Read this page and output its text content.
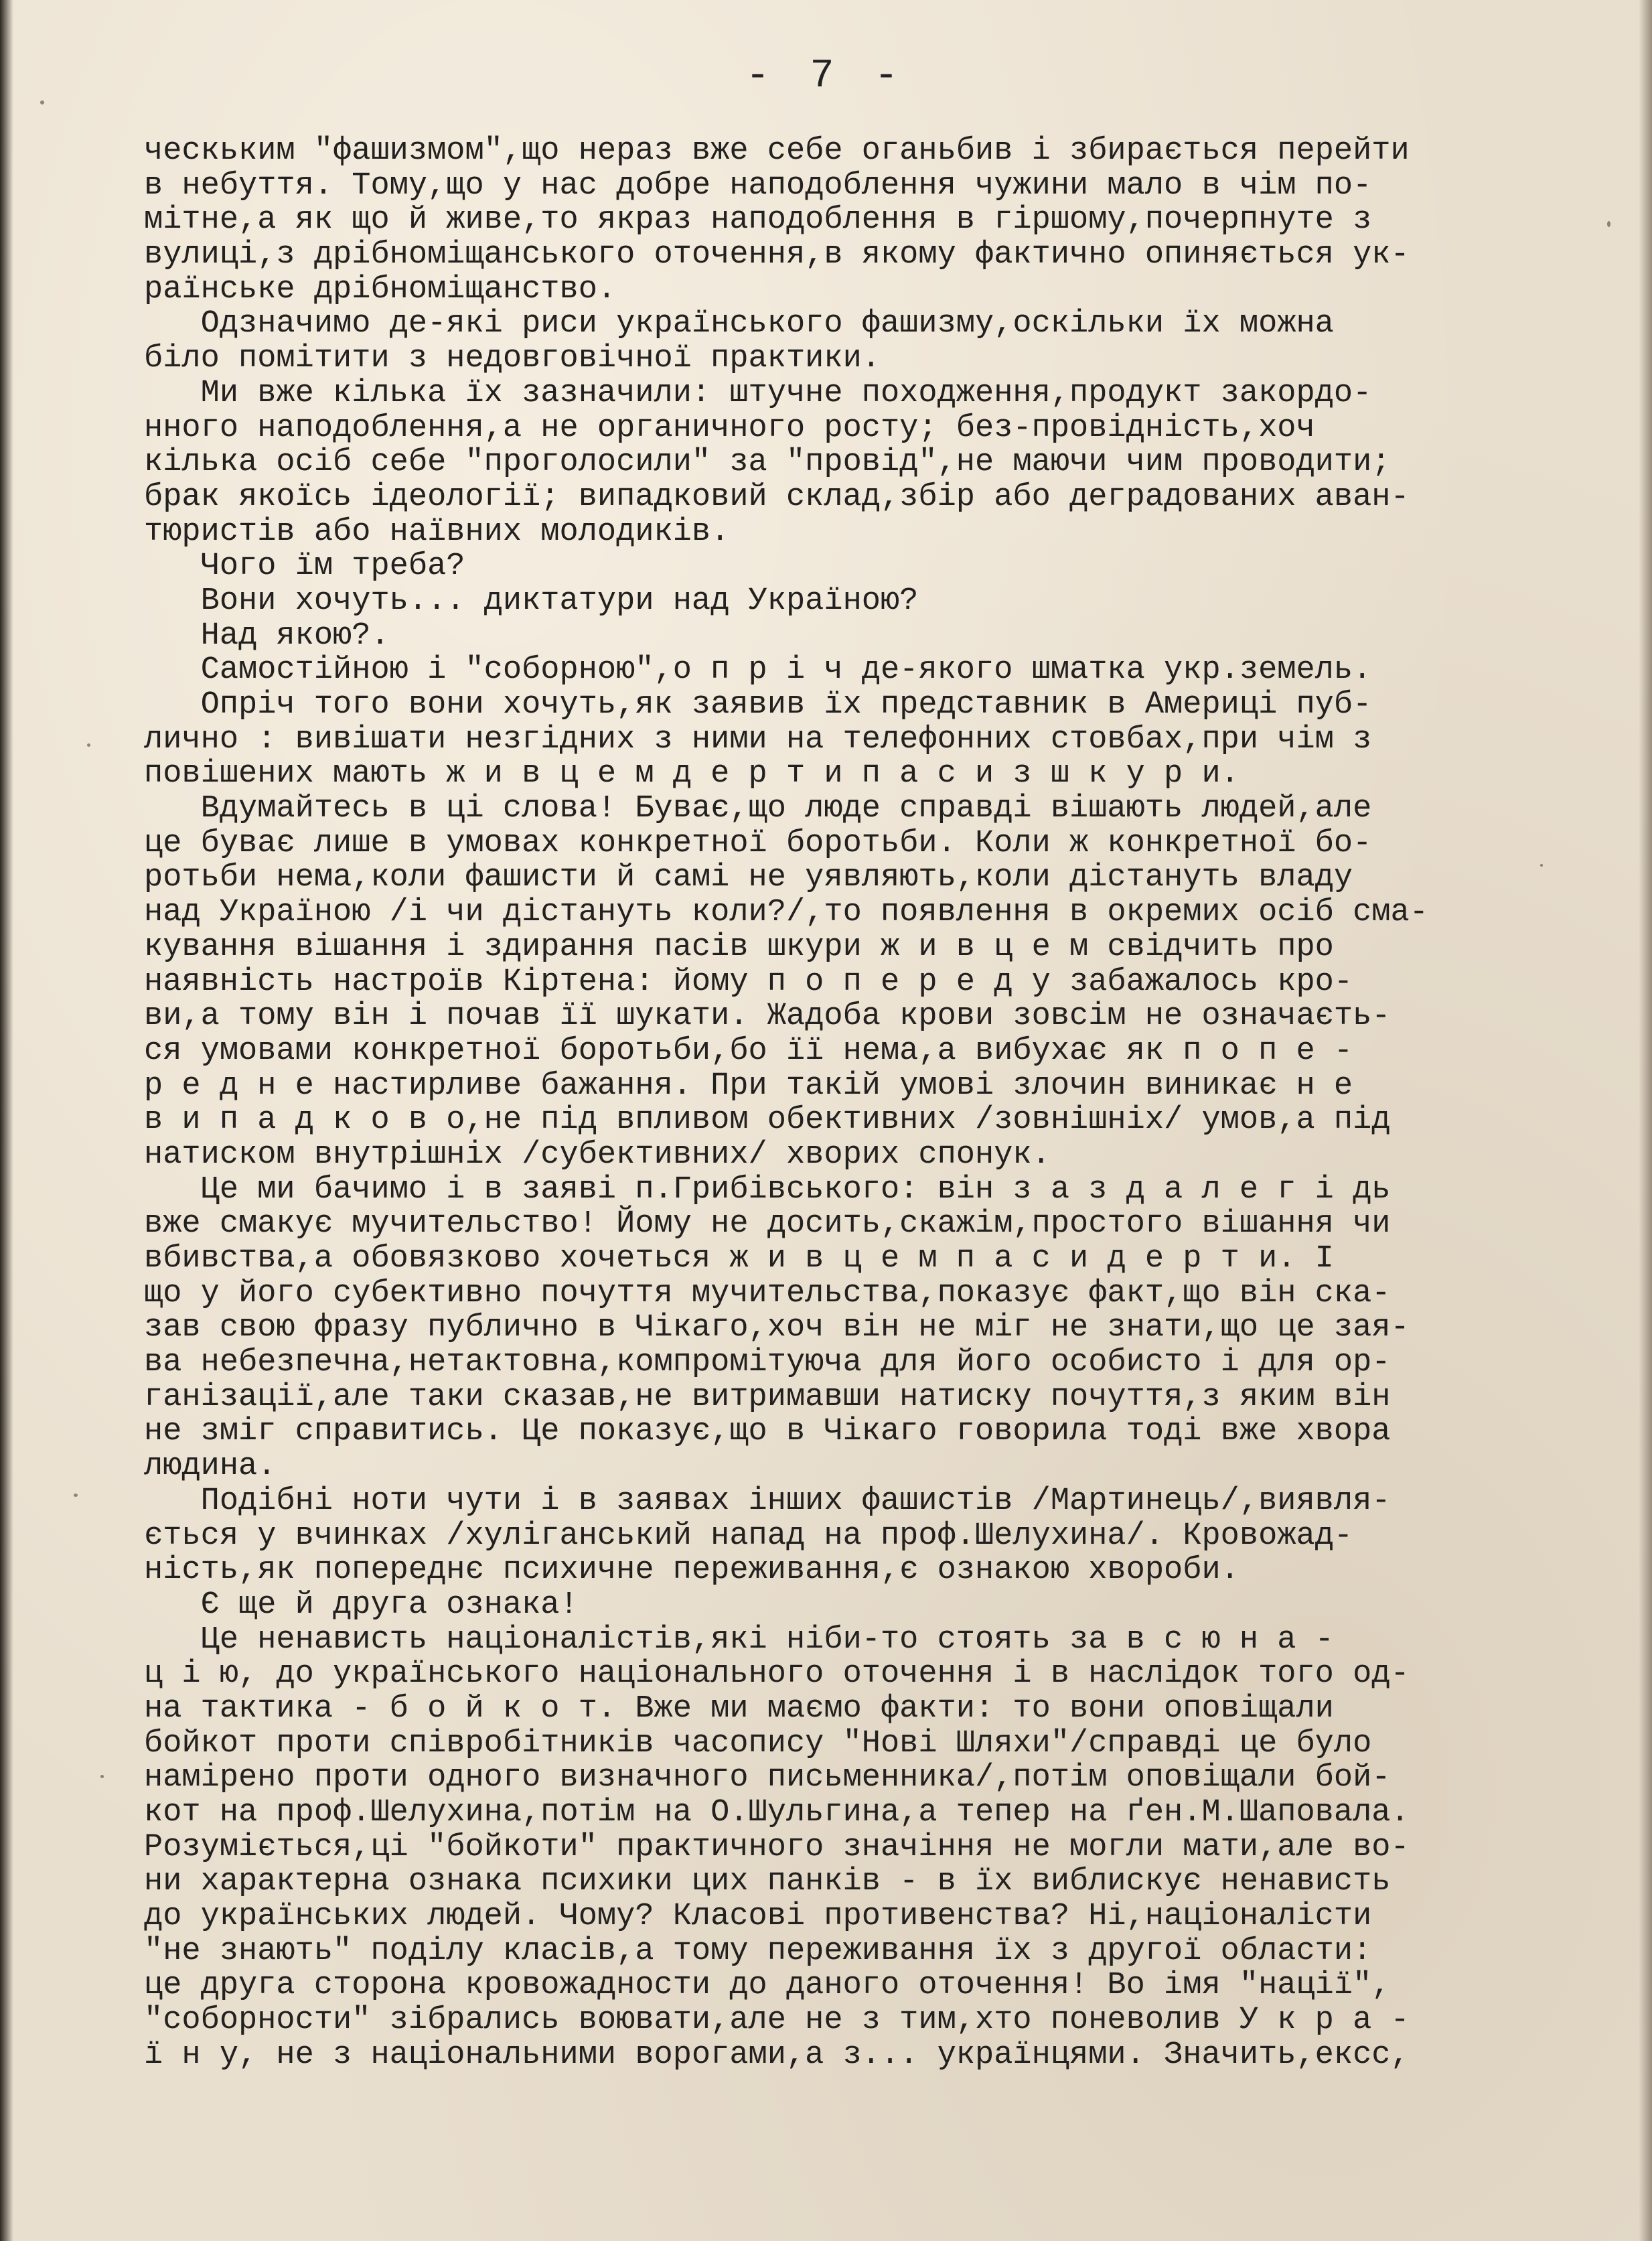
- 7 -
ческьким "фашизмом",що нераз вже себе оганьбив і збирається перейти
в небуття. Тому,що у нас добре наподоблення чужини мало в чім по-
мітне,а як що й живе,то якраз наподоблення в гіршому,почерпнуте з
вулиці,з дрібноміщанського оточення,в якому фактично опиняється ук-
раїнське дрібноміщанство.
Одзначимо де-які риси українського фашизму,оскільки їх можна
біло помітити з недовговічної практики.
Ми вже кілька їх зазначили: штучне походження,продукт закордо-
нного наподоблення,а не органичного росту; без-провідність,хоч
кілька осіб себе "проголосили" за "провід",не маючи чим проводити;
брак якоїсь ідеології; випадковий склад,збір або деградованих аван-
тюристів або наївних молодиків.
Чого їм треба?
Вони хочуть... диктатури над Україною?
Над якою?.
Самостійною і "соборною",о п р і ч де-якого шматка укр.земель.
Опріч того вони хочуть,як заявив їх представник в Америці пуб-
лично : вивішати незгідних з ними на телефонних стовбах,при чім з
повішених мають ж и в ц е м д е р т и п а с и з ш к у р и.
Вдумайтесь в ці слова! Буває,що люде справді вішають людей,але
це буває лише в умовах конкретної боротьби. Коли ж конкретної бо-
ротьби нема,коли фашисти й самі не уявляють,коли дістануть владу
над Україною /і чи дістануть коли?/,то появлення в окремих осіб сма-
кування вішання і здирання пасів шкури ж и в ц е м свідчить про
наявність настроїв Кіртена: йому п о п е р е д у забажалось кро-
ви,а тому він і почав її шукати. Жадоба крови зовсім не означаєть-
ся умовами конкретної боротьби,бо її нема,а вибухає як п о п е -
р е д н е настирливе бажання. При такій умові злочин виникає н е
в и п а д к о в о,не під впливом обективних /зовнішніх/ умов,а під
натиском внутрішніх /субективних/ хворих спонук.
Це ми бачимо і в заяві п.Грибівського: він з а з д а л е г і дь
вже смакує мучительство! Йому не досить,скажім,простого вішання чи
вбивства,а обовязково хочеться ж и в ц е м п а с и д е р т и. І
що у його субективно почуття мучительства,показує факт,що він ска-
зав свою фразу публично в Чікаго,хоч він не міг не знати,що це зая-
ва небезпечна,нетактовна,компромітуюча для його особисто і для ор-
ганізації,але таки сказав,не витримавши натиску почуття,з яким він
не зміг справитись. Це показує,що в Чікаго говорила тоді вже хвора
людина.
Подібні ноти чути і в заявах інших фашистів /Мартинець/,виявля-
ється у вчинках /хуліганський напад на проф.Шелухина/. Кровожад-
ність,як попереднє психичне переживання,є ознакою хвороби.
Є ще й друга ознака!
Це ненависть націоналістів,які ніби-то стоять за в с ю н а -
ц і ю, до українського національного оточення і в наслідок того од-
на тактика - б о й к о т. Вже ми маємо факти: то вони оповіщали
бойкот проти співробітників часопису "Нові Шляхи"/справді це було
намірено проти одного визначного письменника/,потім оповіщали бой-
кот на проф.Шелухина,потім на О.Шульгина,а тепер на ґен.М.Шаповала.
Розуміється,ці "бойкоти" практичного значіння не могли мати,але во-
ни характерна ознака психики цих панків - в їх виблискує ненависть
до українських людей. Чому? Класові противенства? Ні,націоналісти
"не знають" поділу класів,а тому переживання їх з другої области:
це друга сторона кровожадности до даного оточення! Во імя "нації",
"соборности" зібрались воювати,але не з тим,хто поневолив У к р а -
ї н у, не з національними ворогами,а з... українцями. Значить,ексс,
